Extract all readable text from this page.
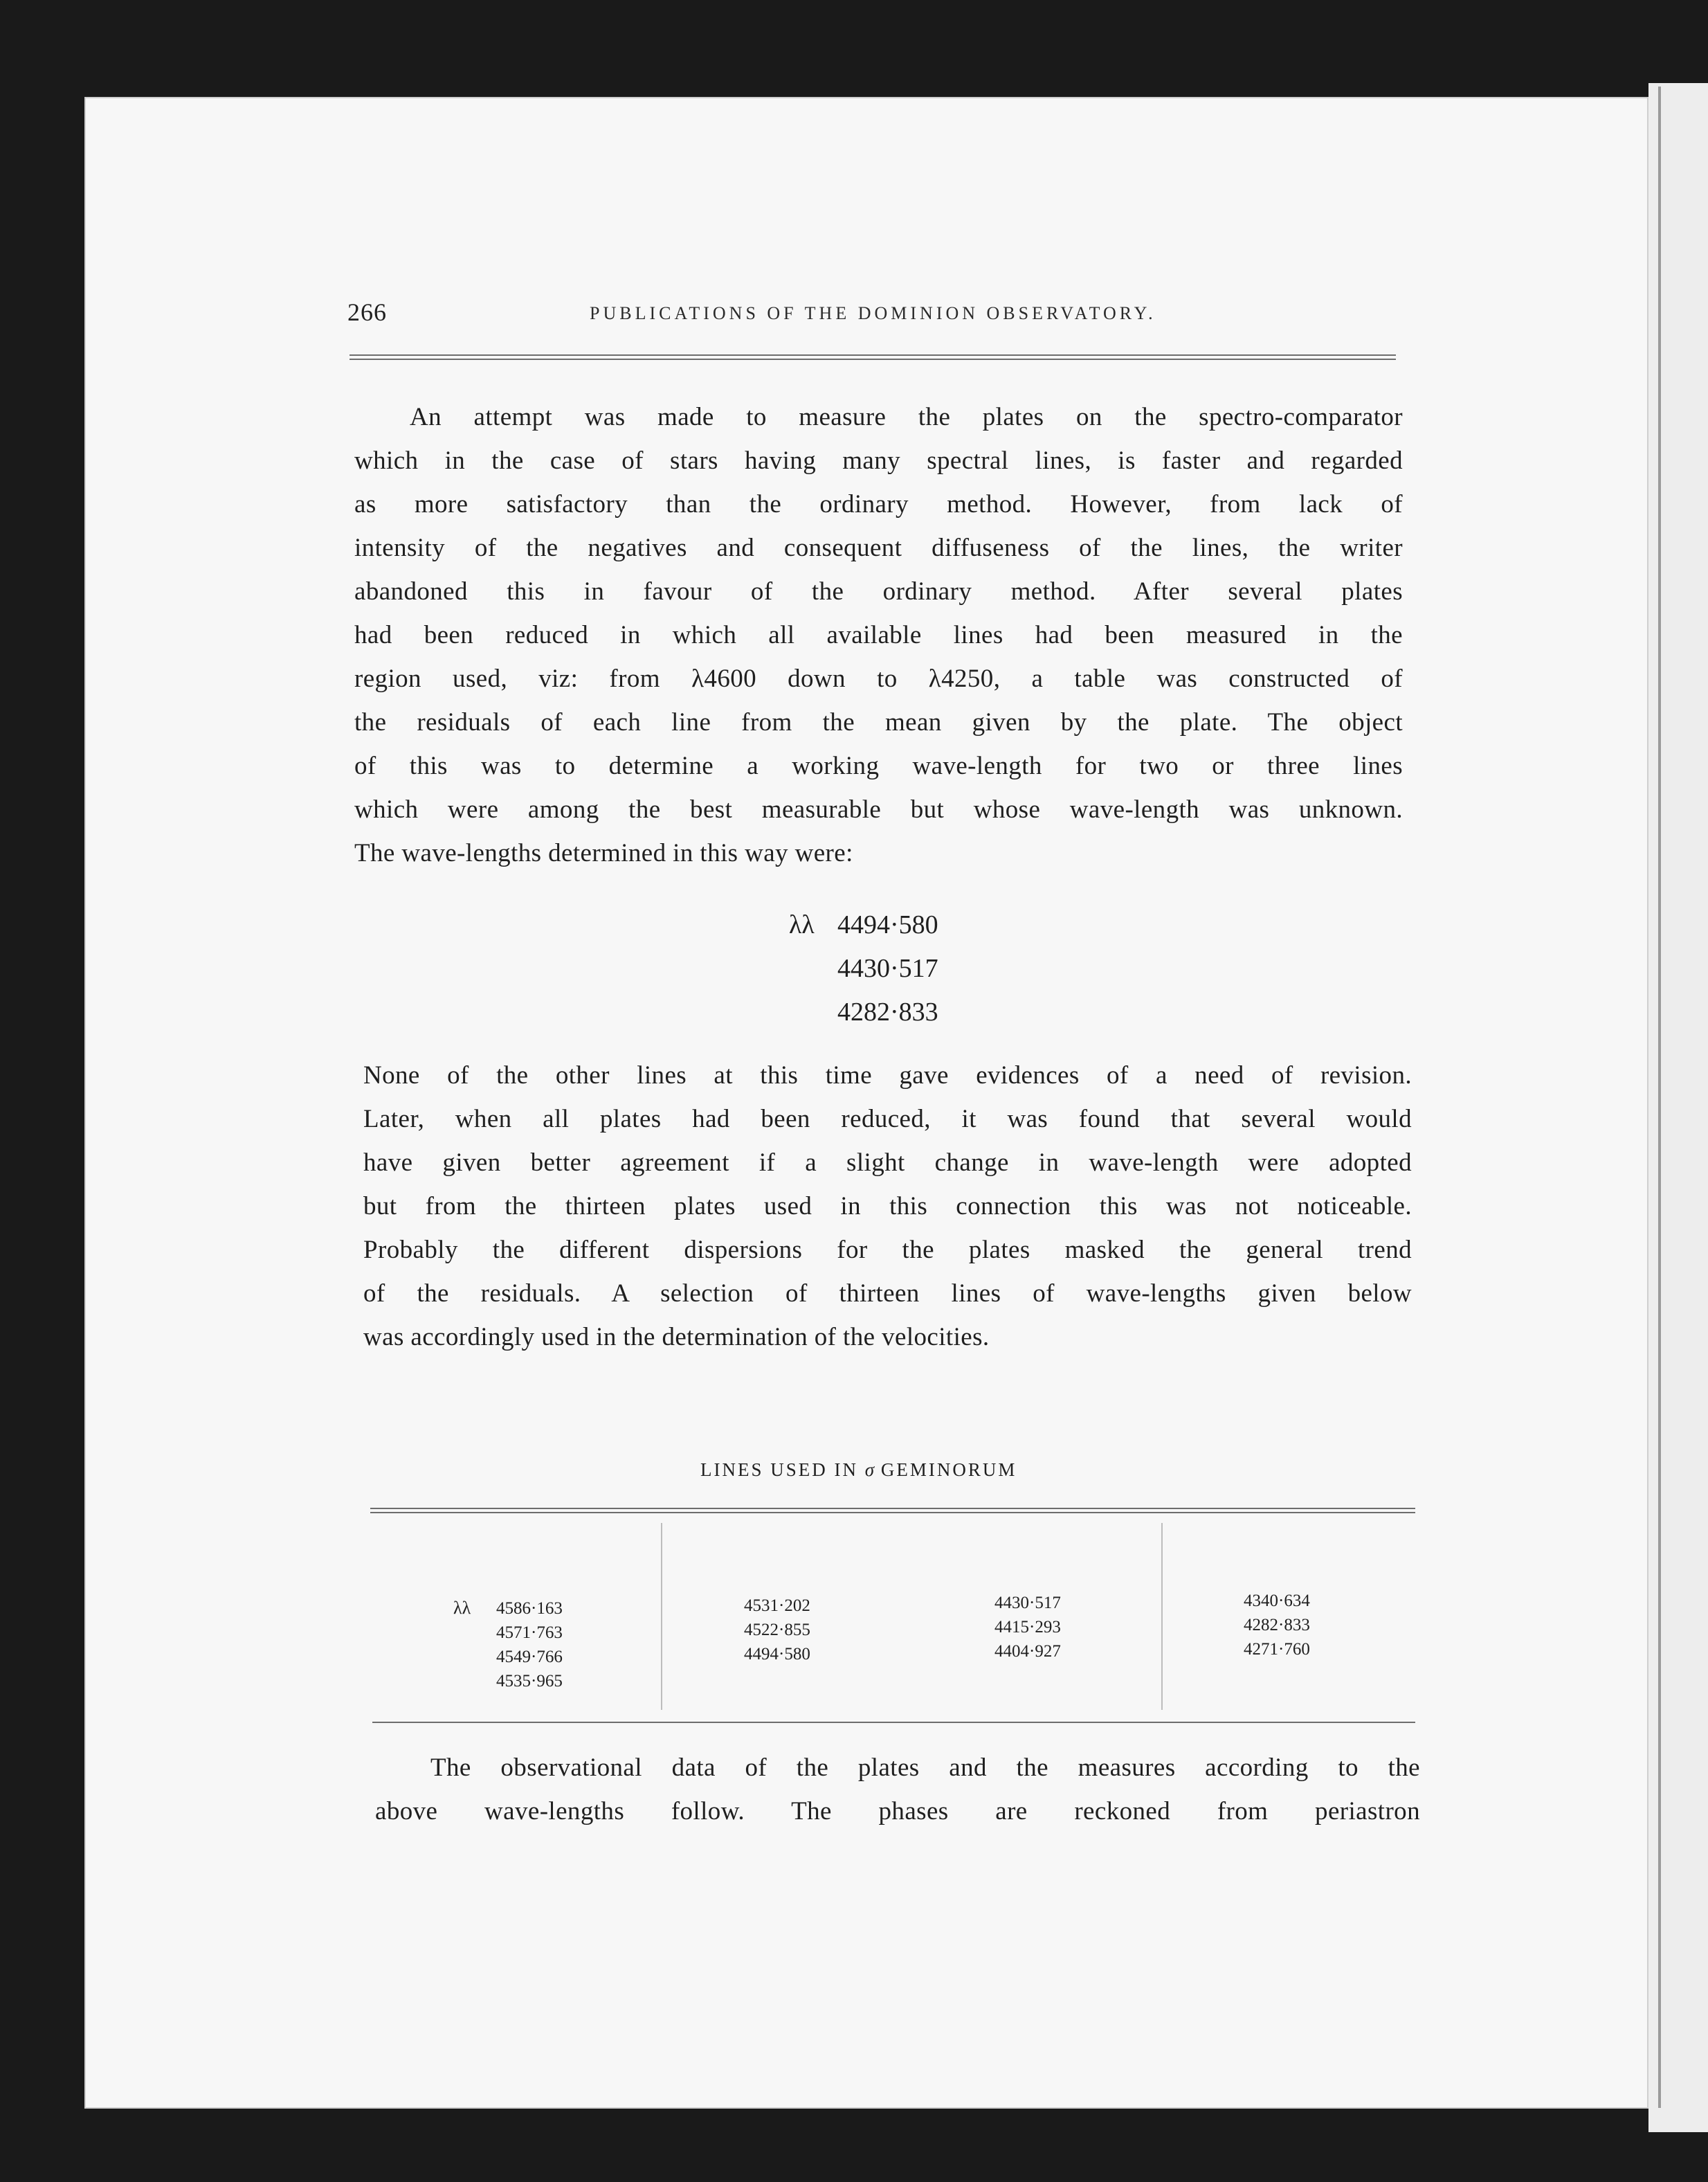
266	PUBLICATIONS OF THE DOMINION OBSERVATORY.
An attempt was made to measure the plates on the spectro-comparator
which in the case of stars having many spectral lines, is faster and regarded
as more satisfactory than the ordinary method. However, from lack of
intensity of the negatives and consequent diffuseness of the lines, the writer
abandoned this in favour of the ordinary method. After several plates
had been reduced in which all available lines had been measured in the
region used, viz: from λ4600 down to λ4250, a table was constructed of
the residuals of each line from the mean given by the plate. The object
of this was to determine a working wave-length for two or three lines
which were among the best measurable but whose wave-length was unknown.
The wave-lengths determined in this way were:
λλ 4494·580
4430·517
4282·833
None of the other lines at this time gave evidences of a need of revision.
Later, when all plates had been reduced, it was found that several would
have given better agreement if a slight change in wave-length were adopted
but from the thirteen plates used in this connection this was not noticeable.
Probably the different dispersions for the plates masked the general trend
of the residuals. A selection of thirteen lines of wave-lengths given below
was accordingly used in the determination of the velocities.
LINES USED IN σ GEMINORUM
λλ 4586·163
4571·763
4549·766
4535·965
4531·202
4522·855
4494·580
4430·517
4415·293
4404·927
4340·634
4282·833
4271·760
The observational data of the plates and the measures according to the
above wave-lengths follow. The phases are reckoned from periastron
